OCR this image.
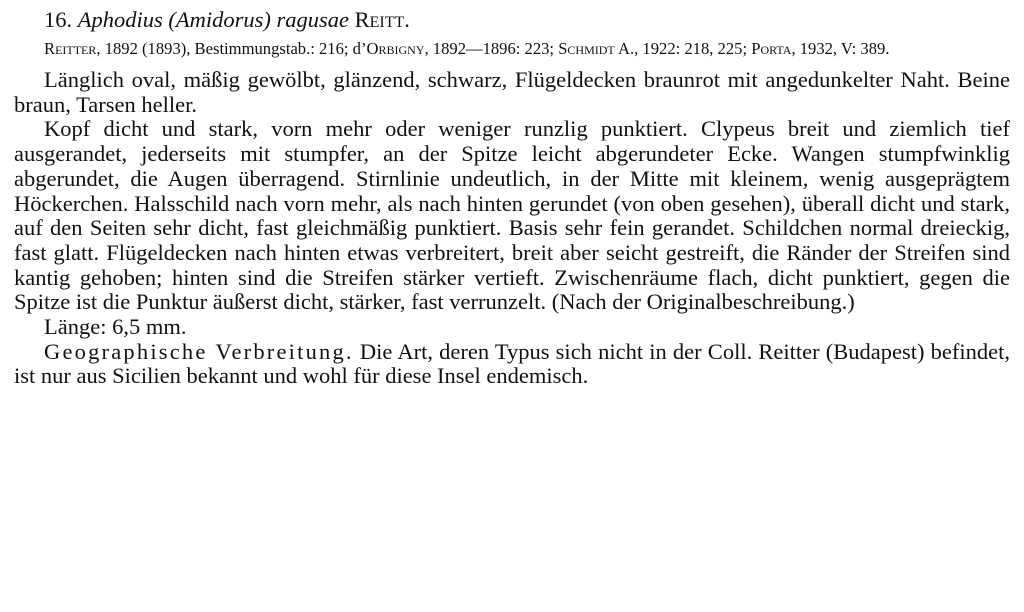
16. Aphodius (Amidorus) ragusae Reitt.
Reitter, 1892 (1893), Bestimmungstab.: 216; d’Orbigny, 1892—1896: 223; Schmidt A., 1922: 218, 225; Porta, 1932, V: 389.

Länglich oval, mäßig gewölbt, glänzend, schwarz, Flügeldecken braunrot mit angedunkelter Naht. Beine braun, Tarsen heller.

Kopf dicht und stark, vorn mehr oder weniger runzlig punktiert. Clypeus breit und ziemlich tief ausgerandet, jederseits mit stumpfer, an der Spitze leicht abgerundeter Ecke. Wangen stumpfwinklig abgerundet, die Augen überragend. Stirnlinie undeutlich, in der Mitte mit kleinem, wenig ausgeprägtem Höckerchen. Halsschild nach vorn mehr, als nach hinten gerundet (von oben gesehen), überall dicht und stark, auf den Seiten sehr dicht, fast gleichmäßig punktiert. Basis sehr fein gerandet. Schildchen normal dreieckig, fast glatt. Flügeldecken nach hinten etwas verbreitert, breit aber seicht gestreift, die Ränder der Streifen sind kantig gehoben; hinten sind die Streifen stärker vertieft. Zwischenräume flach, dicht punktiert, gegen die Spitze ist die Punktur äußerst dicht, stärker, fast verrunzelt. (Nach der Originalbeschreibung.)

Länge: 6,5 mm.

Geographische Verbreitung. Die Art, deren Typus sich nicht in der Coll. Reitter (Budapest) befindet, ist nur aus Sicilien bekannt und wohl für diese Insel endemisch.
